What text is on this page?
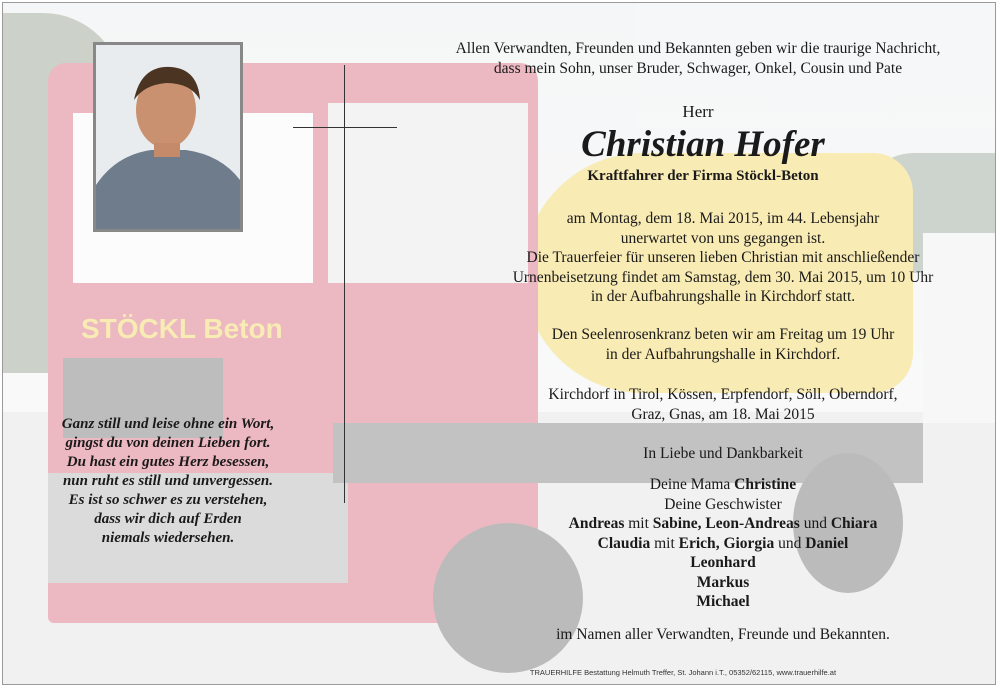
STÖCKL Beton
Allen Verwandten, Freunden und Bekannten geben wir die traurige Nachricht,
dass mein Sohn, unser Bruder, Schwager, Onkel, Cousin und Pate
Herr
Christian Hofer
Kraftfahrer der Firma Stöckl-Beton
am Montag, dem 18. Mai 2015, im 44. Lebensjahr
unerwartet von uns gegangen ist.
Die Trauerfeier für unseren lieben Christian mit anschließender
Urnenbeisetzung findet am Samstag, dem 30. Mai 2015, um 10 Uhr
in der Aufbahrungshalle in Kirchdorf statt.
Den Seelenrosenkranz beten wir am Freitag um 19 Uhr
in der Aufbahrungshalle in Kirchdorf.
Kirchdorf in Tirol, Kössen, Erpfendorf, Söll, Oberndorf,
Graz, Gnas, am 18. Mai 2015
In Liebe und Dankbarkeit
Deine Mama Christine
Deine Geschwister
Andreas mit Sabine, Leon-Andreas und Chiara
Claudia mit Erich, Giorgia und Daniel
Leonhard
Markus
Michael
im Namen aller Verwandten, Freunde und Bekannten.
Ganz still und leise ohne ein Wort,
gingst du von deinen Lieben fort.
Du hast ein gutes Herz besessen,
nun ruht es still und unvergessen.
Es ist so schwer es zu verstehen,
dass wir dich auf Erden
niemals wiedersehen.
TRAUERHILFE Bestattung Helmuth Treffer, St. Johann i.T., 05352/62115, www.trauerhilfe.at
